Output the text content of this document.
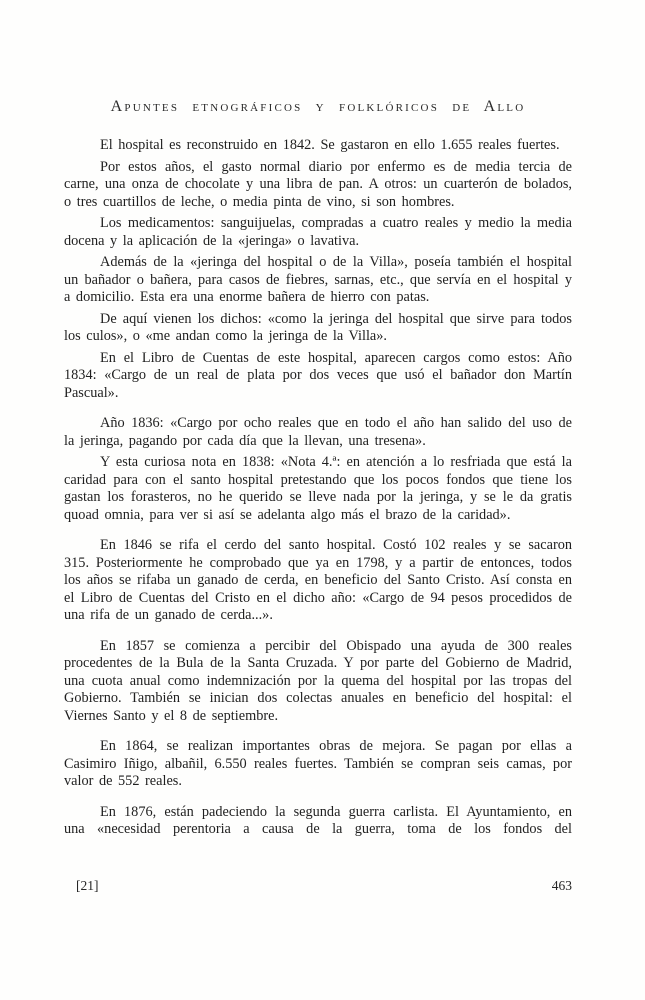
Apuntes etnográficos y folklóricos de Allo

El hospital es reconstruido en 1842. Se gastaron en ello 1.655 reales fuertes.

Por estos años, el gasto normal diario por enfermo es de media tercia de carne, una onza de chocolate y una libra de pan. A otros: un cuarterón de bolados, o tres cuartillos de leche, o media pinta de vino, si son hombres.

Los medicamentos: sanguijuelas, compradas a cuatro reales y medio la media docena y la aplicación de la «jeringa» o lavativa.

Además de la «jeringa del hospital o de la Villa», poseía también el hospital un bañador o bañera, para casos de fiebres, sarnas, etc., que servía en el hospital y a domicilio. Esta era una enorme bañera de hierro con patas.

De aquí vienen los dichos: «como la jeringa del hospital que sirve para todos los culos», o «me andan como la jeringa de la Villa».

En el Libro de Cuentas de este hospital, aparecen cargos como estos: Año 1834: «Cargo de un real de plata por dos veces que usó el bañador don Martín Pascual».

Año 1836: «Cargo por ocho reales que en todo el año han salido del uso de la jeringa, pagando por cada día que la llevan, una tresena».

Y esta curiosa nota en 1838: «Nota 4.ª: en atención a lo resfriada que está la caridad para con el santo hospital pretestando que los pocos fondos que tiene los gastan los forasteros, no he querido se lleve nada por la jeringa, y se le da gratis quoad omnia, para ver si así se adelanta algo más el brazo de la caridad».

En 1846 se rifa el cerdo del santo hospital. Costó 102 reales y se sacaron 315. Posteriormente he comprobado que ya en 1798, y a partir de entonces, todos los años se rifaba un ganado de cerda, en beneficio del Santo Cristo. Así consta en el Libro de Cuentas del Cristo en el dicho año: «Cargo de 94 pesos procedidos de una rifa de un ganado de cerda...».

En 1857 se comienza a percibir del Obispado una ayuda de 300 reales procedentes de la Bula de la Santa Cruzada. Y por parte del Gobierno de Madrid, una cuota anual como indemnización por la quema del hospital por las tropas del Gobierno. También se inician dos colectas anuales en beneficio del hospital: el Viernes Santo y el 8 de septiembre.

En 1864, se realizan importantes obras de mejora. Se pagan por ellas a Casimiro Iñigo, albañil, 6.550 reales fuertes. También se compran seis camas, por valor de 552 reales.

En 1876, están padeciendo la segunda guerra carlista. El Ayuntamiento, en una «necesidad perentoria a causa de la guerra, toma de los fondos del

[21]	463
